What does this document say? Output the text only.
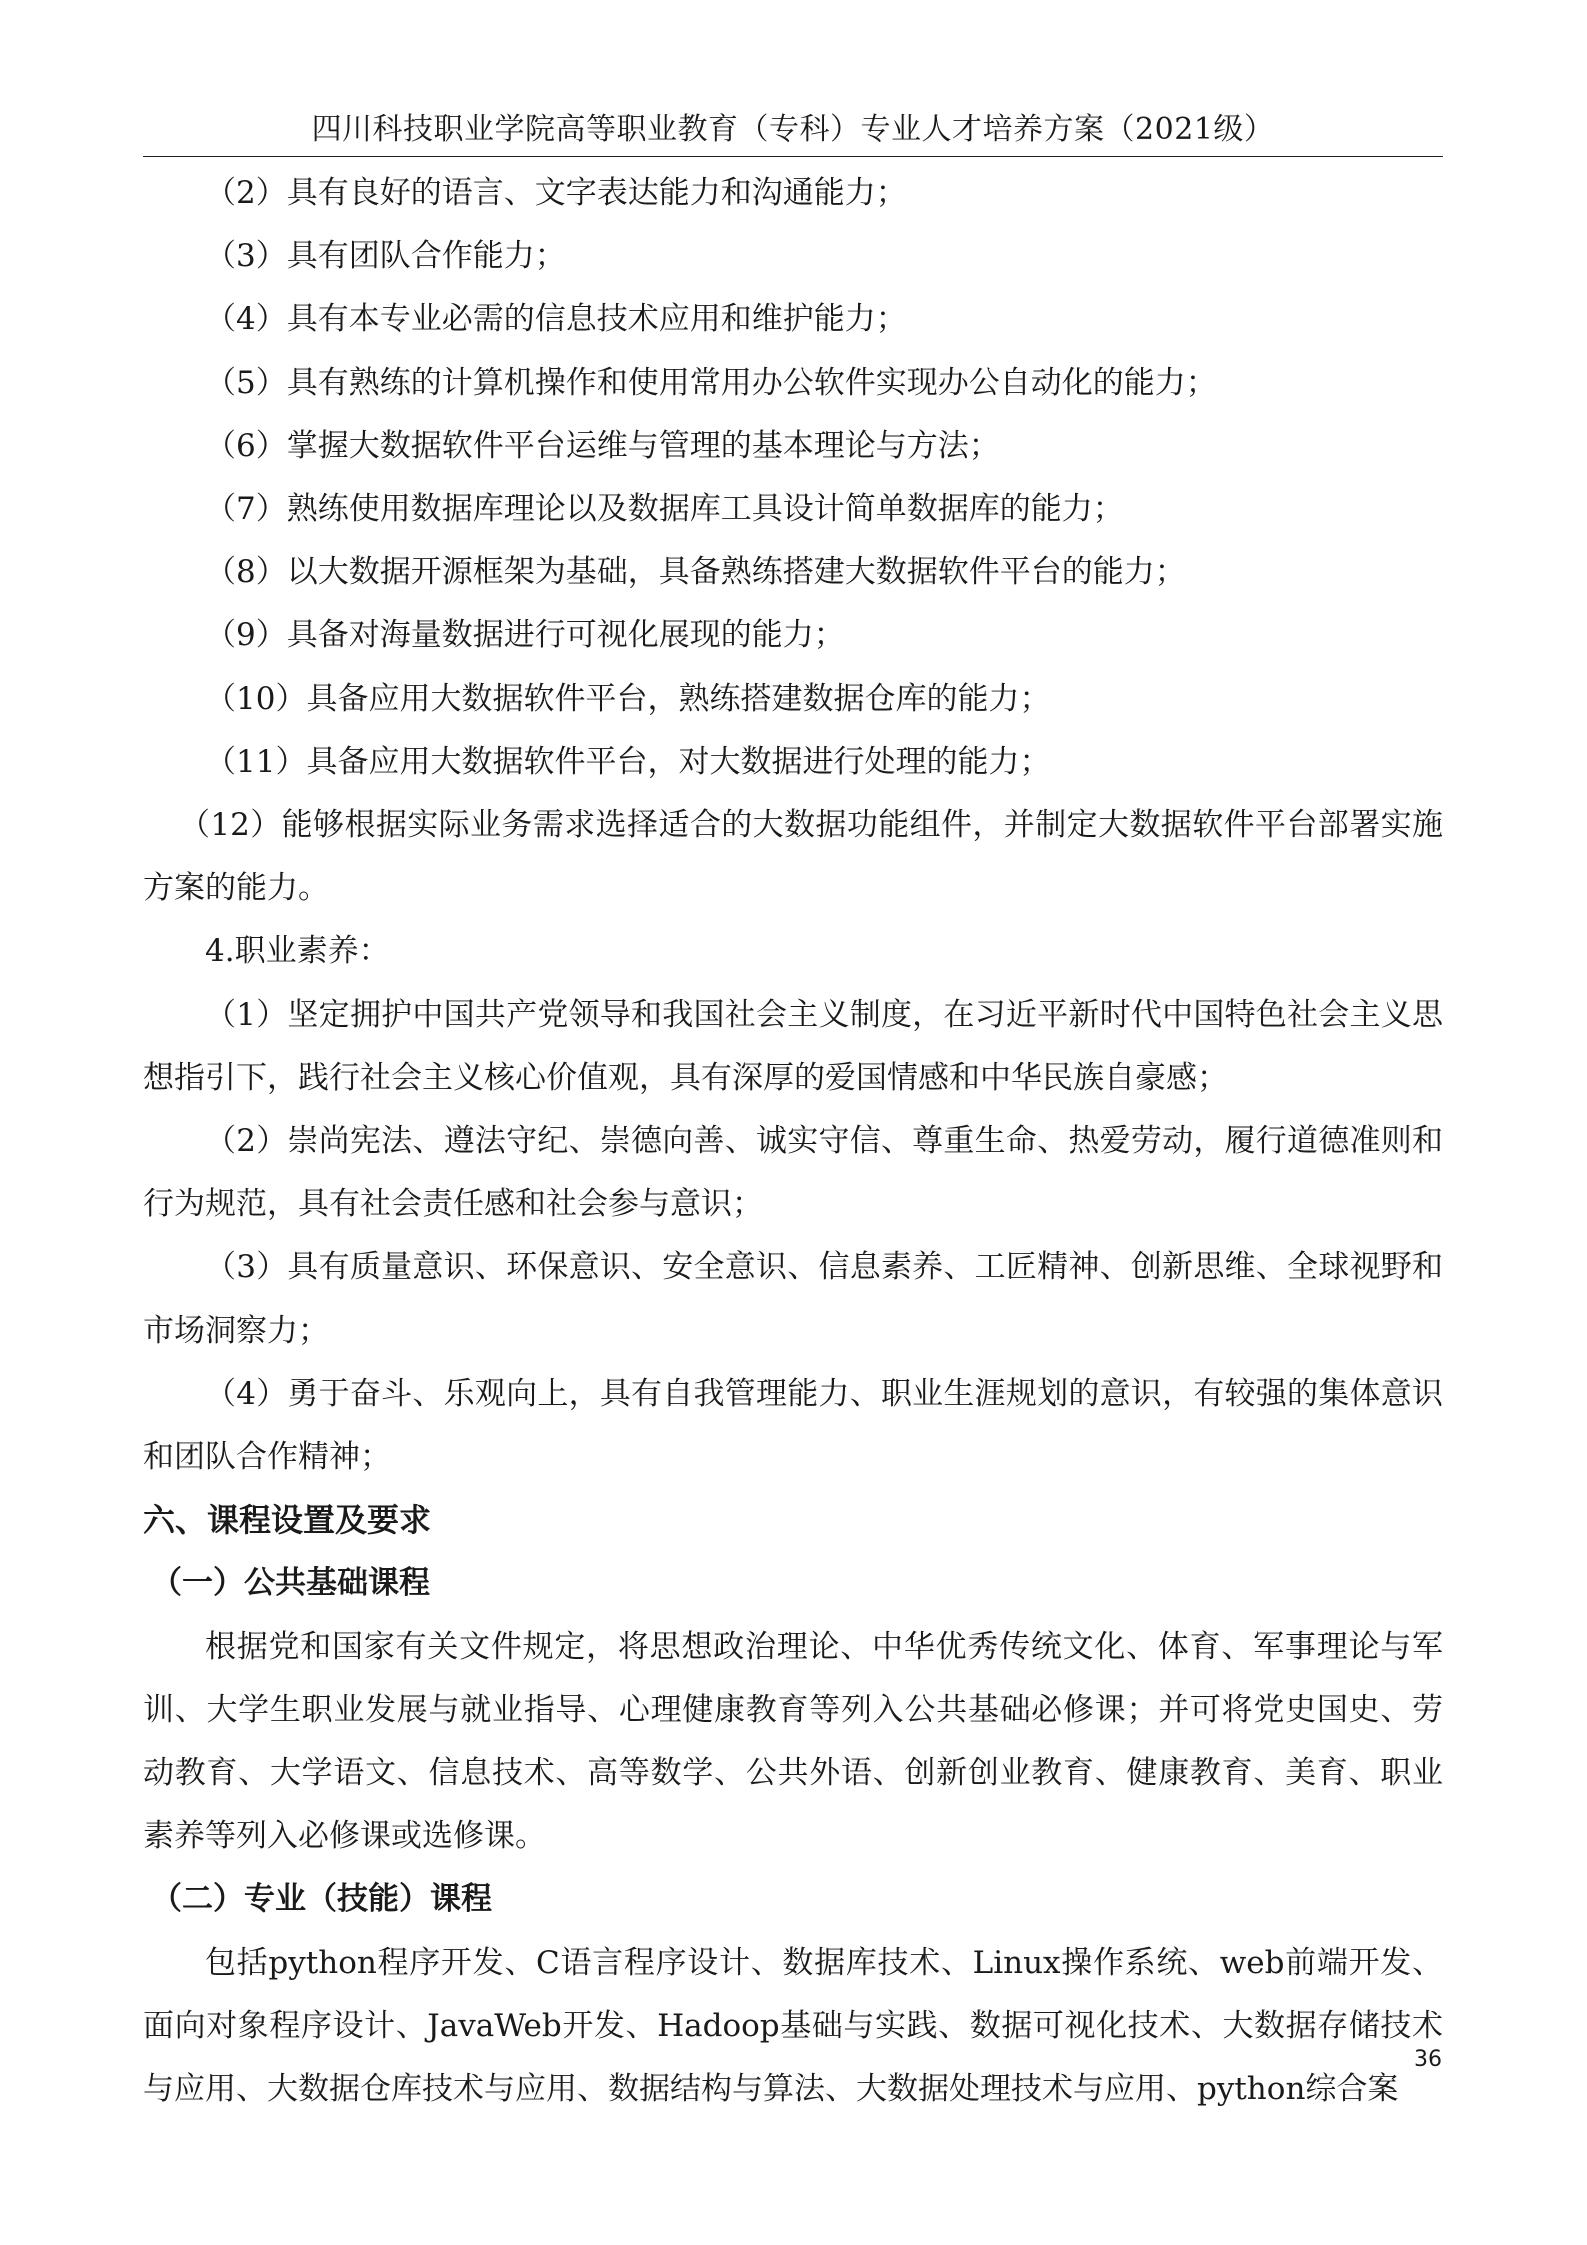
四川科技职业学院高等职业教育（专科）专业人才培养方案（2021级）

（2）具有良好的语言、文字表达能力和沟通能力；

（3）具有团队合作能力；

（4）具有本专业必需的信息技术应用和维护能力；

（5）具有熟练的计算机操作和使用常用办公软件实现办公自动化的能力；

（6）掌握大数据软件平台运维与管理的基本理论与方法；

（7）熟练使用数据库理论以及数据库工具设计简单数据库的能力；

（8）以大数据开源框架为基础，具备熟练搭建大数据软件平台的能力；

（9）具备对海量数据进行可视化展现的能力；

（10）具备应用大数据软件平台，熟练搭建数据仓库的能力；

（11）具备应用大数据软件平台，对大数据进行处理的能力；

（12）能够根据实际业务需求选择适合的大数据功能组件，并制定大数据软件平台部署实施方案的能力。

4.职业素养：

（1）坚定拥护中国共产党领导和我国社会主义制度，在习近平新时代中国特色社会主义思想指引下，践行社会主义核心价值观，具有深厚的爱国情感和中华民族自豪感；

（2）崇尚宪法、遵法守纪、崇德向善、诚实守信、尊重生命、热爱劳动，履行道德准则和行为规范，具有社会责任感和社会参与意识；

（3）具有质量意识、环保意识、安全意识、信息素养、工匠精神、创新思维、全球视野和市场洞察力；

（4）勇于奋斗、乐观向上，具有自我管理能力、职业生涯规划的意识，有较强的集体意识和团队合作精神；

六、课程设置及要求

（一）公共基础课程

根据党和国家有关文件规定，将思想政治理论、中华优秀传统文化、体育、军事理论与军训、大学生职业发展与就业指导、心理健康教育等列入公共基础必修课；并可将党史国史、劳动教育、大学语文、信息技术、高等数学、公共外语、创新创业教育、健康教育、美育、职业素养等列入必修课或选修课。

（二）专业（技能）课程

包括python程序开发、C语言程序设计、数据库技术、Linux操作系统、web前端开发、面向对象程序设计、JavaWeb开发、Hadoop基础与实践、数据可视化技术、大数据存储技术与应用、大数据仓库技术与应用、数据结构与算法、大数据处理技术与应用、python综合案

36
